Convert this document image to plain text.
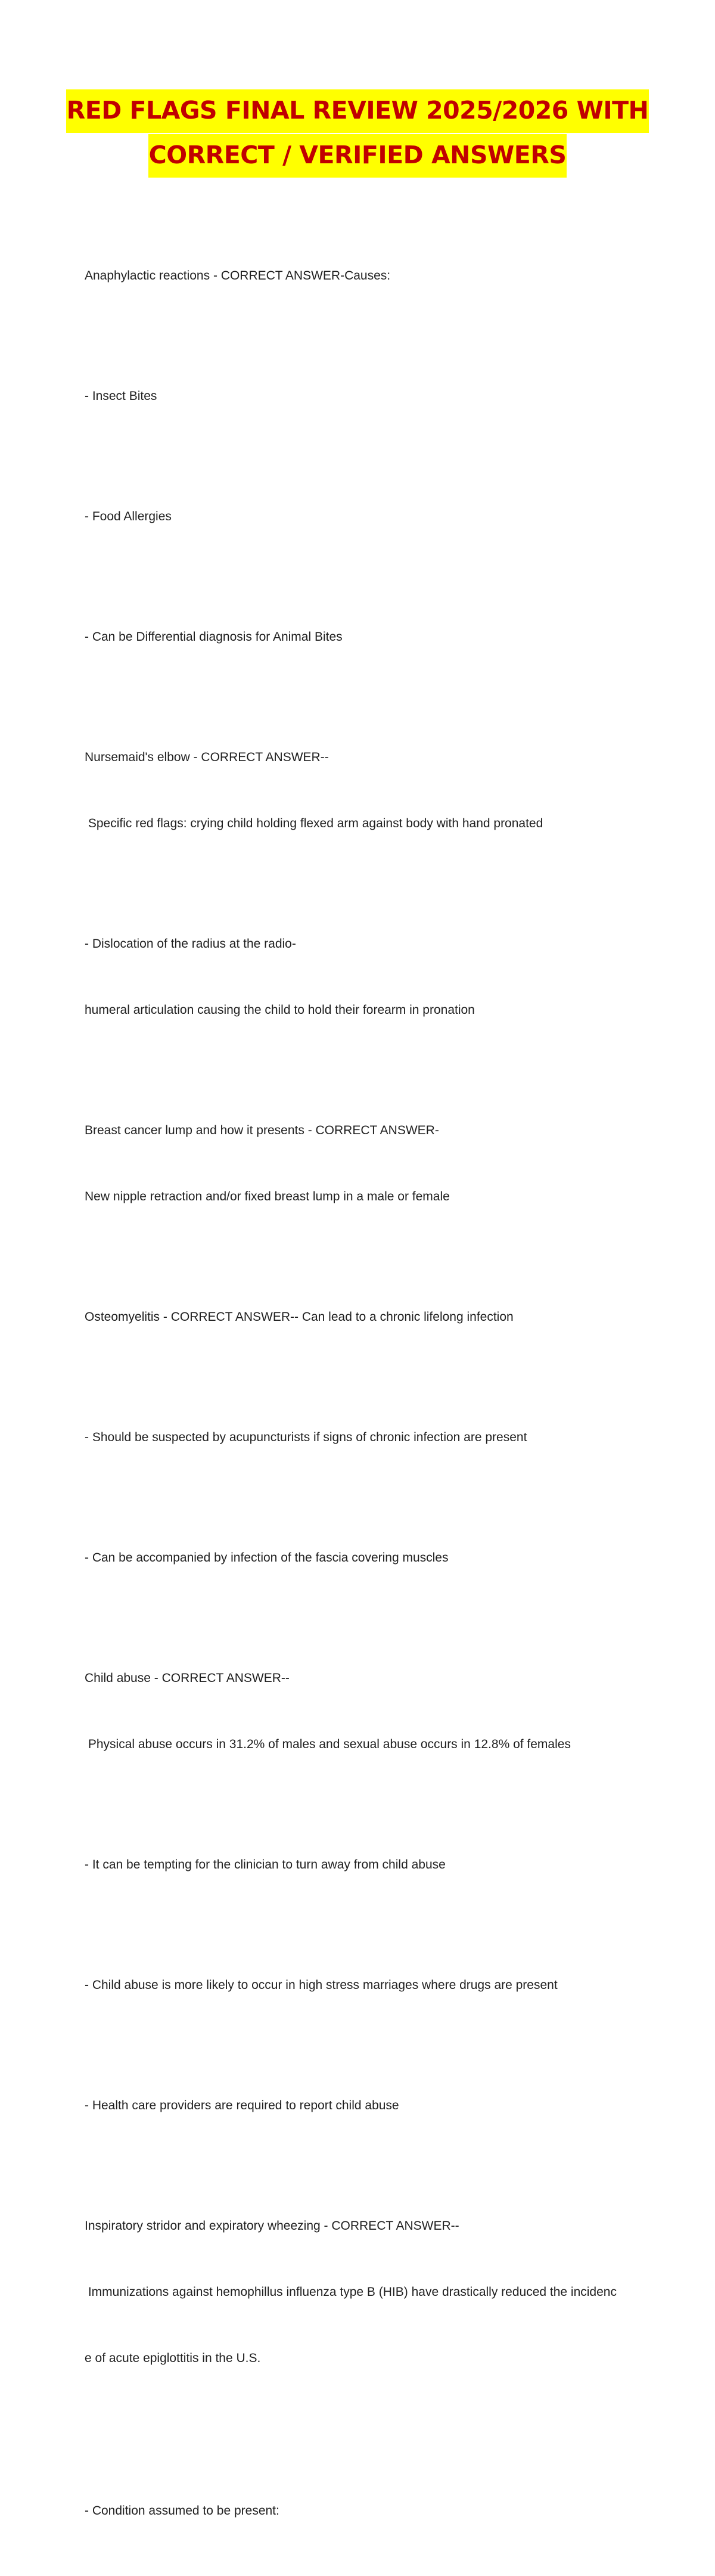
RED FLAGS FINAL REVIEW 2025/2026 WITH
CORRECT / VERIFIED ANSWERS

Anaphylactic reactions - CORRECT ANSWER-Causes:

- Insect Bites

- Food Allergies

- Can be Differential diagnosis for Animal Bites

Nursemaid's elbow - CORRECT ANSWER--

Specific red flags: crying child holding flexed arm against body with hand pronated

- Dislocation of the radius at the radio-

humeral articulation causing the child to hold their forearm in pronation

Breast cancer lump and how it presents - CORRECT ANSWER-

New nipple retraction and/or fixed breast lump in a male or female

Osteomyelitis - CORRECT ANSWER-- Can lead to a chronic lifelong infection

- Should be suspected by acupuncturists if signs of chronic infection are present

- Can be accompanied by infection of the fascia covering muscles

Child abuse - CORRECT ANSWER--

Physical abuse occurs in 31.2% of males and sexual abuse occurs in 12.8% of females

- It can be tempting for the clinician to turn away from child abuse

- Child abuse is more likely to occur in high stress marriages where drugs are present

- Health care providers are required to report child abuse

Inspiratory stridor and expiratory wheezing - CORRECT ANSWER--

Immunizations against hemophillus influenza type B (HIB) have drastically reduced the incidenc

e of acute epiglottitis in the U.S.

- Condition assumed to be present:
